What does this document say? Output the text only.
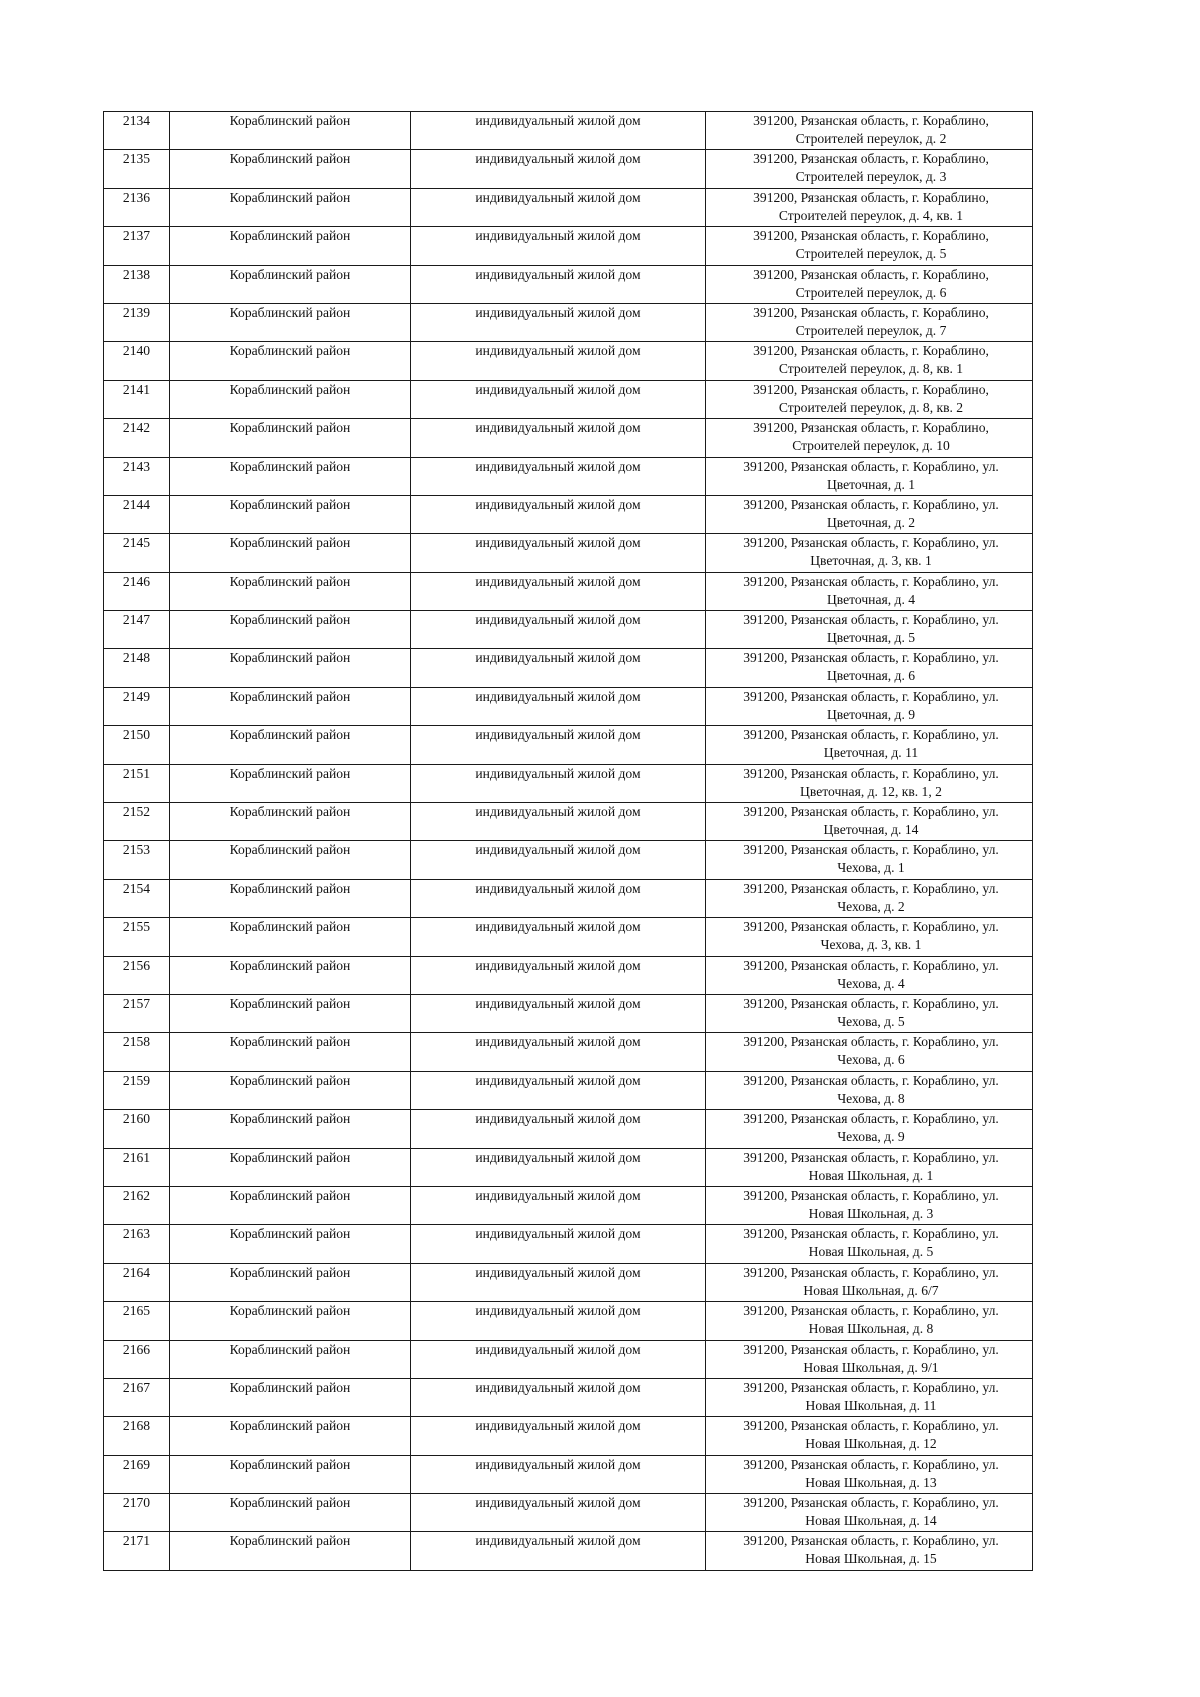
2134	Кораблинский район	индивидуальный жилой дом	391200, Рязанская область, г. Кораблино,
Строителей переулок, д. 2

2135	Кораблинский район	индивидуальный жилой дом	391200, Рязанская область, г. Кораблино,
Строителей переулок, д. 3

2136	Кораблинский район	индивидуальный жилой дом	391200, Рязанская область, г. Кораблино,
Строителей переулок, д. 4, кв. 1

2137	Кораблинский район	индивидуальный жилой дом	391200, Рязанская область, г. Кораблино,
Строителей переулок, д. 5

2138	Кораблинский район	индивидуальный жилой дом	391200, Рязанская область, г. Кораблино,
Строителей переулок, д. 6

2139	Кораблинский район	индивидуальный жилой дом	391200, Рязанская область, г. Кораблино,
Строителей переулок, д. 7

2140	Кораблинский район	индивидуальный жилой дом	391200, Рязанская область, г. Кораблино,
Строителей переулок, д. 8, кв. 1

2141	Кораблинский район	индивидуальный жилой дом	391200, Рязанская область, г. Кораблино,
Строителей переулок, д. 8, кв. 2

2142	Кораблинский район	индивидуальный жилой дом	391200, Рязанская область, г. Кораблино,
Строителей переулок, д. 10

2143	Кораблинский район	индивидуальный жилой дом	391200, Рязанская область, г. Кораблино, ул.
Цветочная, д. 1

2144	Кораблинский район	индивидуальный жилой дом	391200, Рязанская область, г. Кораблино, ул.
Цветочная, д. 2

2145	Кораблинский район	индивидуальный жилой дом	391200, Рязанская область, г. Кораблино, ул.
Цветочная, д. 3, кв. 1

2146	Кораблинский район	индивидуальный жилой дом	391200, Рязанская область, г. Кораблино, ул.
Цветочная, д. 4

2147	Кораблинский район	индивидуальный жилой дом	391200, Рязанская область, г. Кораблино, ул.
Цветочная, д. 5

2148	Кораблинский район	индивидуальный жилой дом	391200, Рязанская область, г. Кораблино, ул.
Цветочная, д. 6

2149	Кораблинский район	индивидуальный жилой дом	391200, Рязанская область, г. Кораблино, ул.
Цветочная, д. 9

2150	Кораблинский район	индивидуальный жилой дом	391200, Рязанская область, г. Кораблино, ул.
Цветочная, д. 11

2151	Кораблинский район	индивидуальный жилой дом	391200, Рязанская область, г. Кораблино, ул.
Цветочная, д. 12, кв. 1, 2

2152	Кораблинский район	индивидуальный жилой дом	391200, Рязанская область, г. Кораблино, ул.
Цветочная, д. 14

2153	Кораблинский район	индивидуальный жилой дом	391200, Рязанская область, г. Кораблино, ул.
Чехова, д. 1

2154	Кораблинский район	индивидуальный жилой дом	391200, Рязанская область, г. Кораблино, ул.
Чехова, д. 2

2155	Кораблинский район	индивидуальный жилой дом	391200, Рязанская область, г. Кораблино, ул.
Чехова, д. 3, кв. 1

2156	Кораблинский район	индивидуальный жилой дом	391200, Рязанская область, г. Кораблино, ул.
Чехова, д. 4

2157	Кораблинский район	индивидуальный жилой дом	391200, Рязанская область, г. Кораблино, ул.
Чехова, д. 5

2158	Кораблинский район	индивидуальный жилой дом	391200, Рязанская область, г. Кораблино, ул.
Чехова, д. 6

2159	Кораблинский район	индивидуальный жилой дом	391200, Рязанская область, г. Кораблино, ул.
Чехова, д. 8

2160	Кораблинский район	индивидуальный жилой дом	391200, Рязанская область, г. Кораблино, ул.
Чехова, д. 9

2161	Кораблинский район	индивидуальный жилой дом	391200, Рязанская область, г. Кораблино, ул.
Новая Школьная, д. 1

2162	Кораблинский район	индивидуальный жилой дом	391200, Рязанская область, г. Кораблино, ул.
Новая Школьная, д. 3

2163	Кораблинский район	индивидуальный жилой дом	391200, Рязанская область, г. Кораблино, ул.
Новая Школьная, д. 5

2164	Кораблинский район	индивидуальный жилой дом	391200, Рязанская область, г. Кораблино, ул.
Новая Школьная, д. 6/7

2165	Кораблинский район	индивидуальный жилой дом	391200, Рязанская область, г. Кораблино, ул.
Новая Школьная, д. 8

2166	Кораблинский район	индивидуальный жилой дом	391200, Рязанская область, г. Кораблино, ул.
Новая Школьная, д. 9/1

2167	Кораблинский район	индивидуальный жилой дом	391200, Рязанская область, г. Кораблино, ул.
Новая Школьная, д. 11

2168	Кораблинский район	индивидуальный жилой дом	391200, Рязанская область, г. Кораблино, ул.
Новая Школьная, д. 12

2169	Кораблинский район	индивидуальный жилой дом	391200, Рязанская область, г. Кораблино, ул.
Новая Школьная, д. 13

2170	Кораблинский район	индивидуальный жилой дом	391200, Рязанская область, г. Кораблино, ул.
Новая Школьная, д. 14

2171	Кораблинский район	индивидуальный жилой дом	391200, Рязанская область, г. Кораблино, ул.
Новая Школьная, д. 15
